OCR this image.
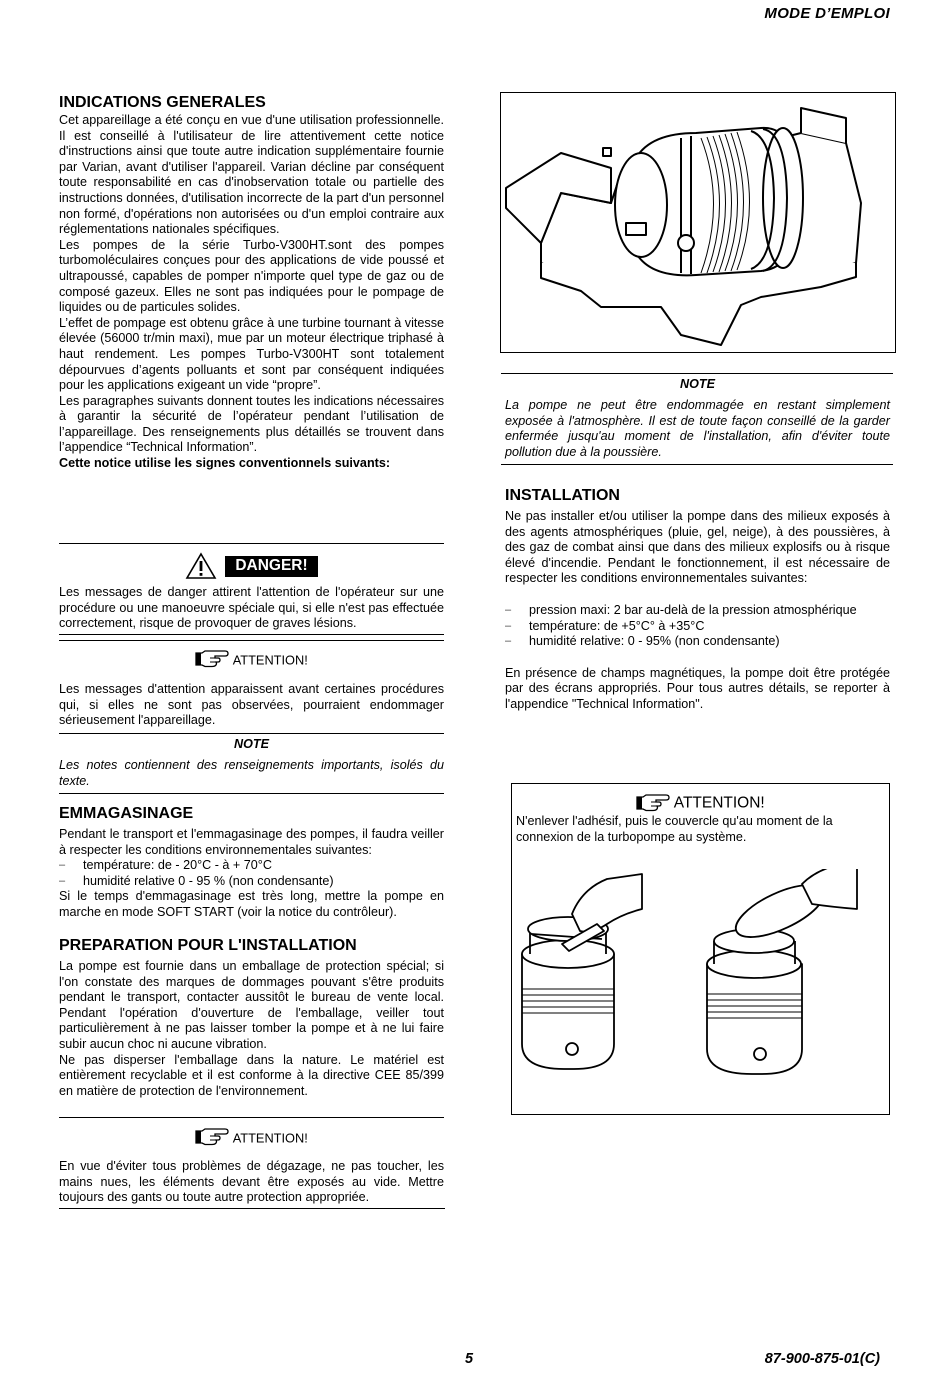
MODE D’EMPLOI
INDICATIONS GENERALES

Cet appareillage a été conçu en vue d'une utilisation professionnelle. Il est conseillé à l'utilisateur de lire attentivement cette notice d'instructions ainsi que toute autre indication supplémentaire fournie par Varian, avant d'utiliser l'appareil. Varian décline par conséquent toute responsabilité en cas d'inobservation totale ou partielle des instructions données, d'utilisation incorrecte de la part d'un personnel non formé, d'opérations non autorisées ou d'un emploi contraire aux réglementations nationales spécifiques.

Les pompes de la série Turbo-V300HT.sont des pompes turbomoléculaires conçues pour des applications de vide poussé et ultrapoussé, capables de pomper n'importe quel type de gaz ou de composé gazeux. Elles ne sont pas indiquées pour le pompage de liquides ou de particules solides.

L’effet de pompage est obtenu grâce à une turbine tournant à vitesse élevée (56000 tr/min maxi), mue par un moteur électrique triphasé à haut rendement. Les pompes Turbo-V300HT sont totalement dépourvues d’agents polluants et sont par conséquent indiquées pour les applications exigeant un vide “propre”.

Les paragraphes suivants donnent toutes les indications nécessaires à garantir la sécurité de l’opérateur pendant l’utilisation de l’appareillage. Des renseignements plus détaillés se trouvent dans l’appendice “Technical Information”.

Cette notice utilise les signes conventionnels suivants:

DANGER!

Les messages de danger attirent l'attention de l'opérateur sur une procédure ou une manoeuvre spéciale qui, si elle n'est pas effectuée correctement, risque de provoquer de graves lésions.

ATTENTION!

Les messages d'attention apparaissent avant certaines procédures qui, si elles ne sont pas observées, pourraient endommager sérieusement l'appareillage.

NOTE

Les notes contiennent des renseignements importants, isolés du texte.

EMMAGASINAGE

Pendant le transport et l'emmagasinage des pompes, il faudra veiller à respecter les conditions environnementales suivantes:

– température: de - 20°C - à + 70°C
– humidité relative 0 - 95 % (non condensante)

Si le temps d'emmagasinage est très long, mettre la pompe en marche en mode SOFT START (voir la notice du contrôleur).

PREPARATION POUR L'INSTALLATION

La pompe est fournie dans un emballage de protection spécial; si l'on constate des marques de dommages pouvant s'être produits pendant le transport, contacter aussitôt le bureau de vente local. Pendant l'opération d'ouverture de l'emballage, veiller tout particulièrement à ne pas laisser tomber la pompe et à ne lui faire subir aucun choc ni aucune vibration.

Ne pas disperser l'emballage dans la nature. Le matériel est entièrement recyclable et il est conforme à la directive CEE 85/399 en matière de protection de l'environnement.

ATTENTION!

En vue d'éviter tous problèmes de dégazage, ne pas toucher, les mains nues, les éléments devant être exposés au vide. Mettre toujours des gants ou toute autre protection appropriée.

NOTE

La pompe ne peut être endommagée en restant simplement exposée à l'atmosphère. Il est de toute façon conseillé de la garder enfermée jusqu'au moment de l'installation, afin d'éviter toute pollution due à la poussière.

INSTALLATION

Ne pas installer et/ou utiliser la pompe dans des milieux exposés à des agents atmosphériques (pluie, gel, neige), à des poussières, à des gaz de combat ainsi que dans des milieux explosifs ou à risque élevé d'incendie. Pendant le fonctionnement, il est nécessaire de respecter les conditions environnementales suivantes:

– pression maxi: 2 bar au-delà de la pression atmosphérique
– température: de +5°C° à +35°C
– humidité relative: 0 - 95% (non condensante)

En présence de champs magnétiques, la pompe doit être protégée par des écrans appropriés. Pour tous autres détails, se reporter à l'appendice "Technical Information".

ATTENTION!

N'enlever l'adhésif, puis le couvercle qu'au moment de la connexion de la turbopompe au système.

5	87-900-875-01(C)
